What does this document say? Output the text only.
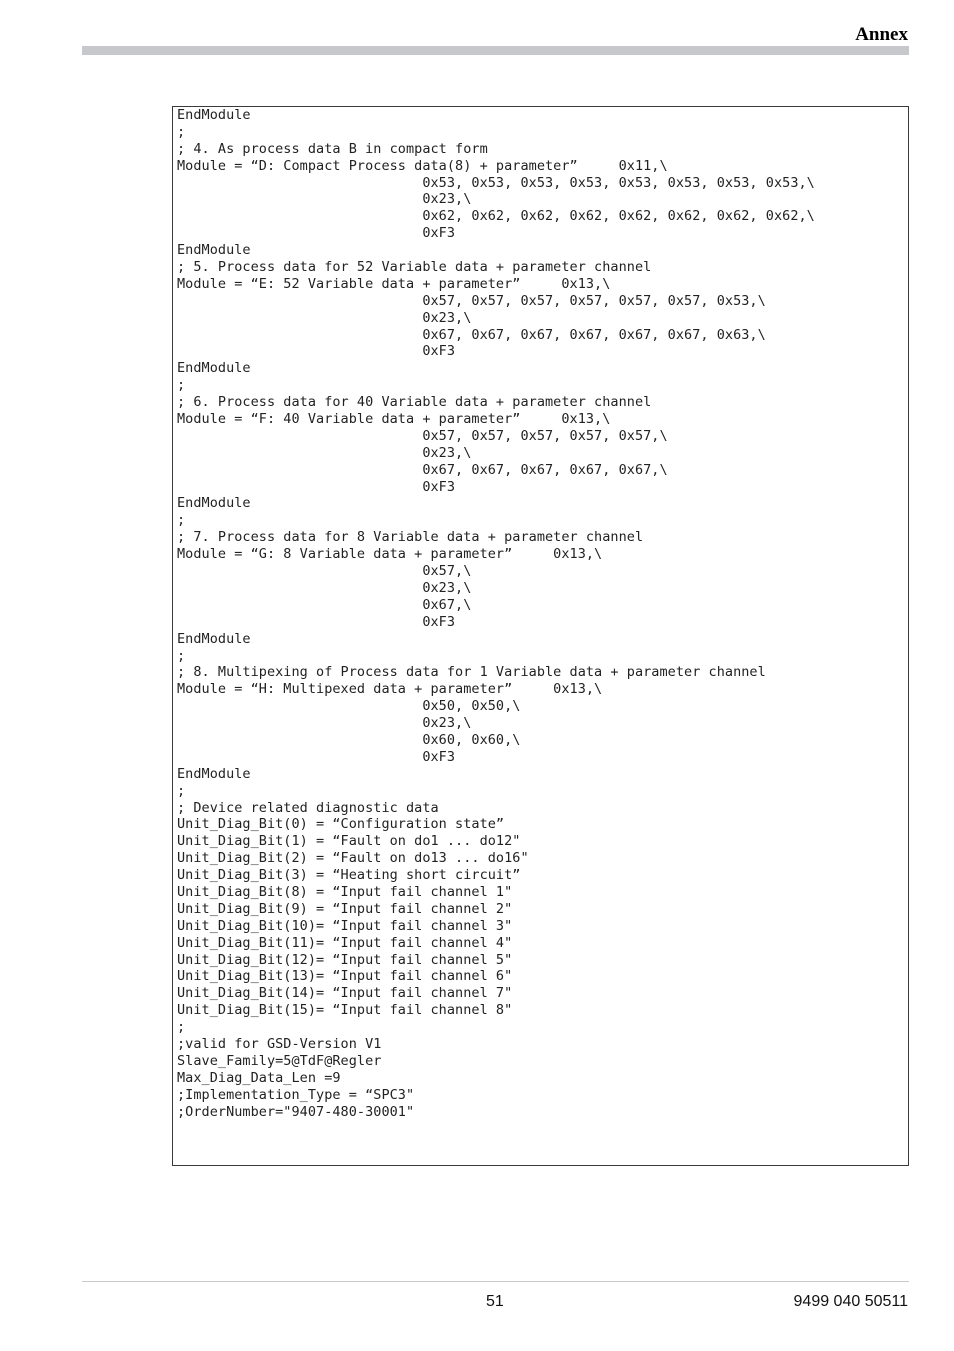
Annex
EndModule
;
; 4. As process data B in compact form
Module = “D: Compact Process data(8) + parameter”     0x11,\
0x53, 0x53, 0x53, 0x53, 0x53, 0x53, 0x53, 0x53,\
0x23,\
0x62, 0x62, 0x62, 0x62, 0x62, 0x62, 0x62, 0x62,\
0xF3
EndModule
; 5. Process data for 52 Variable data + parameter channel
Module = “E: 52 Variable data + parameter”     0x13,\
0x57, 0x57, 0x57, 0x57, 0x57, 0x57, 0x53,\
0x23,\
0x67, 0x67, 0x67, 0x67, 0x67, 0x67, 0x63,\
0xF3
EndModule
;
; 6. Process data for 40 Variable data + parameter channel
Module = “F: 40 Variable data + parameter”     0x13,\
0x57, 0x57, 0x57, 0x57, 0x57,\
0x23,\
0x67, 0x67, 0x67, 0x67, 0x67,\
0xF3
EndModule
;
; 7. Process data for 8 Variable data + parameter channel
Module = “G: 8 Variable data + parameter”     0x13,\
0x57,\
0x23,\
0x67,\
0xF3
EndModule
;
; 8. Multipexing of Process data for 1 Variable data + parameter channel
Module = “H: Multipexed data + parameter”     0x13,\
0x50, 0x50,\
0x23,\
0x60, 0x60,\
0xF3
EndModule
;
; Device related diagnostic data
Unit_Diag_Bit(0) = “Configuration state”
Unit_Diag_Bit(1) = “Fault on do1 ... do12"
Unit_Diag_Bit(2) = “Fault on do13 ... do16"
Unit_Diag_Bit(3) = “Heating short circuit”
Unit_Diag_Bit(8) = “Input fail channel 1"
Unit_Diag_Bit(9) = “Input fail channel 2"
Unit_Diag_Bit(10)= “Input fail channel 3"
Unit_Diag_Bit(11)= “Input fail channel 4"
Unit_Diag_Bit(12)= “Input fail channel 5"
Unit_Diag_Bit(13)= “Input fail channel 6"
Unit_Diag_Bit(14)= “Input fail channel 7"
Unit_Diag_Bit(15)= “Input fail channel 8"
;
;valid for GSD-Version V1
Slave_Family=5@TdF@Regler
Max_Diag_Data_Len =9
;Implementation_Type = “SPC3"
;OrderNumber="9407-480-30001"
51	9499 040 50511
